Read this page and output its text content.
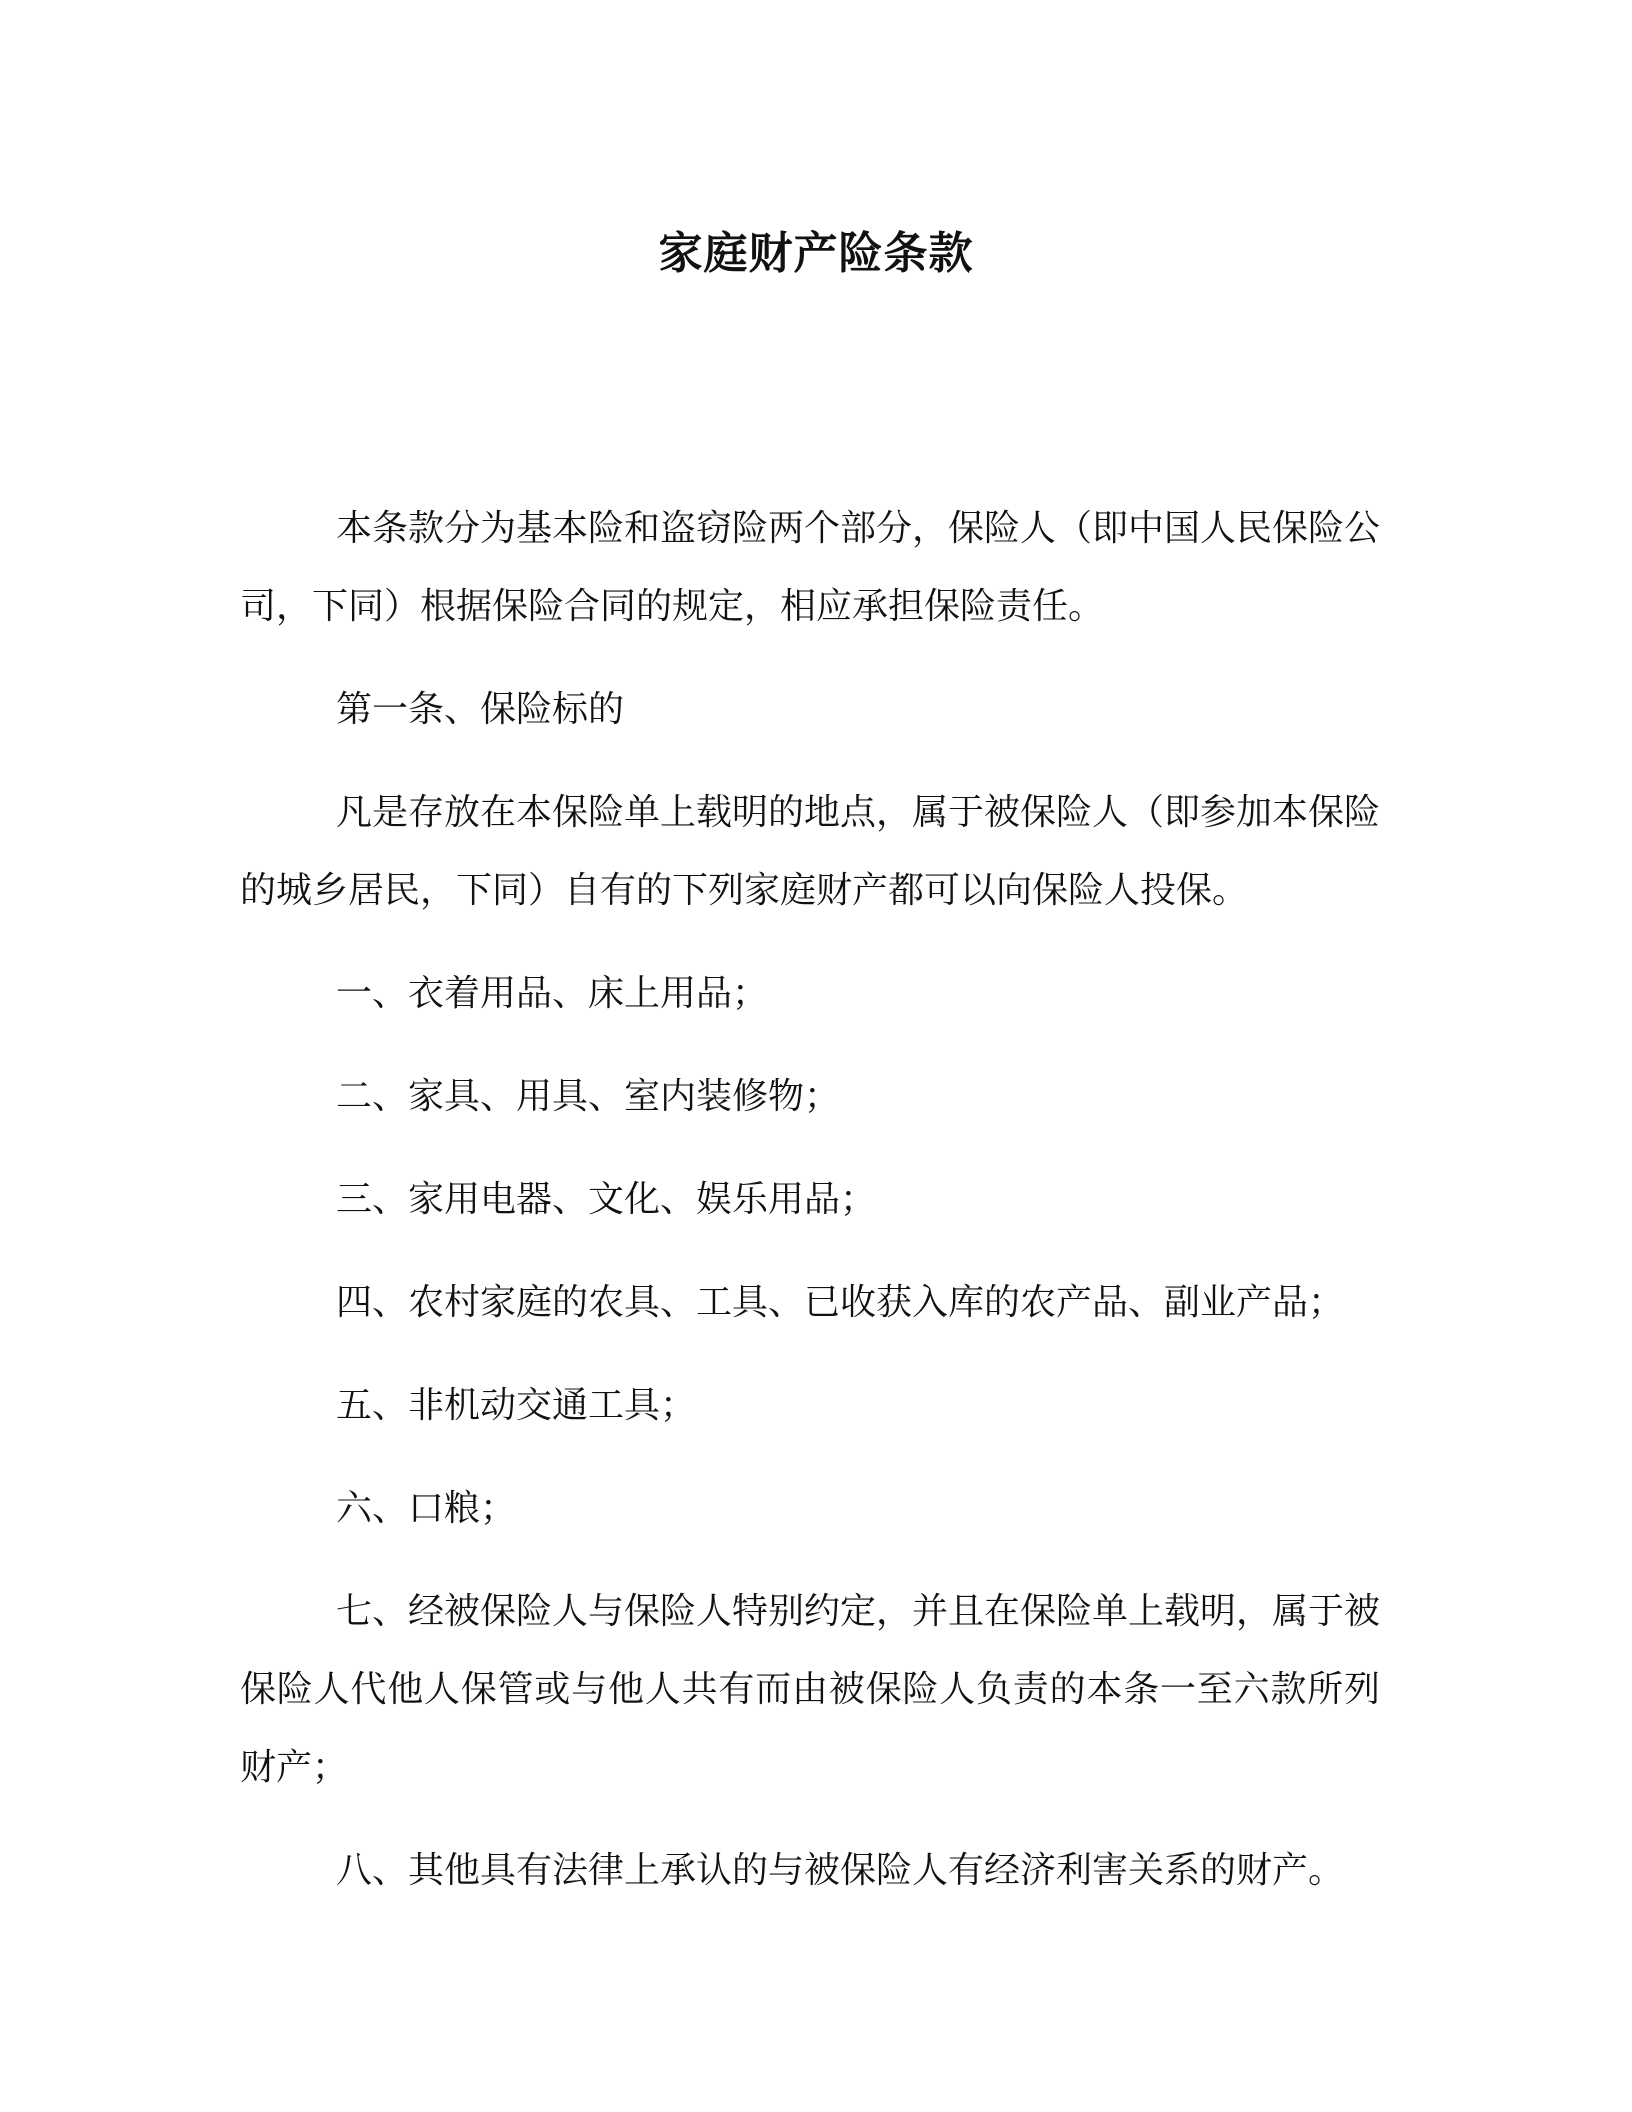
家庭财产险条款

本条款分为基本险和盗窃险两个部分，保险人（即中国人民保险公司，下同）根据保险合同的规定，相应承担保险责任。

第一条、保险标的

凡是存放在本保险单上载明的地点，属于被保险人（即参加本保险的城乡居民，下同）自有的下列家庭财产都可以向保险人投保。

一、衣着用品、床上用品；

二、家具、用具、室内装修物；

三、家用电器、文化、娱乐用品；

四、农村家庭的农具、工具、已收获入库的农产品、副业产品；

五、非机动交通工具；

六、口粮；

七、经被保险人与保险人特别约定，并且在保险单上载明，属于被保险人代他人保管或与他人共有而由被保险人负责的本条一至六款所列财产；

八、其他具有法律上承认的与被保险人有经济利害关系的财产。
